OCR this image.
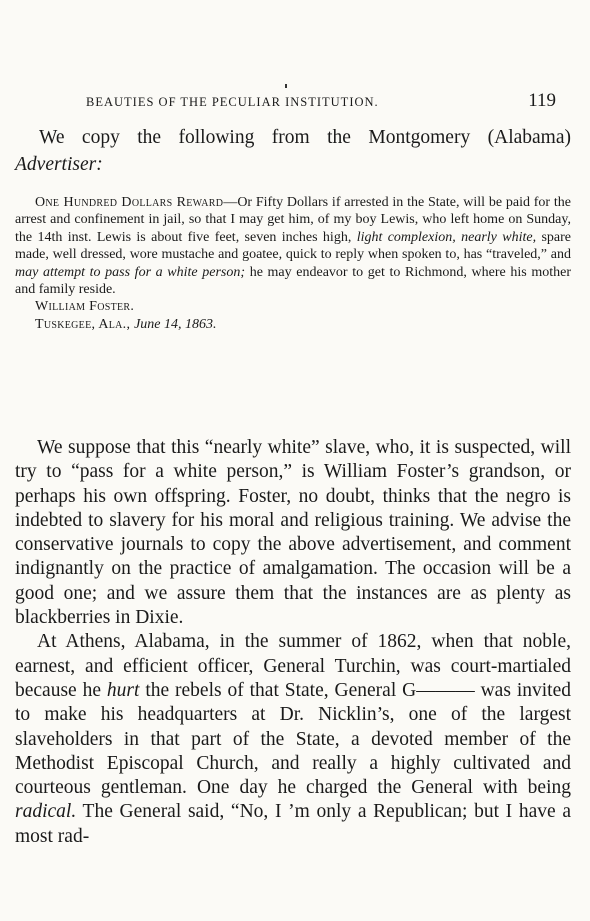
BEAUTIES OF THE PECULIAR INSTITUTION.	119

We copy the following from the Montgomery (Alabama) Advertiser:

One Hundred Dollars Reward—Or Fifty Dollars if arrested in the State, will be paid for the arrest and confinement in jail, so that I may get him, of my boy Lewis, who left home on Sunday, the 14th inst. Lewis is about five feet, seven inches high, light complexion, nearly white, spare made, well dressed, wore mustache and goatee, quick to reply when spoken to, has “traveled,” and may attempt to pass for a white person; he may endeavor to get to Richmond, where his mother and family reside.

William Foster.

Tuskegee, Ala., June 14, 1863.

We suppose that this “nearly white” slave, who, it is suspected, will try to “pass for a white person,” is William Foster’s grandson, or perhaps his own offspring. Foster, no doubt, thinks that the negro is indebted to slavery for his moral and religious training. We advise the conservative journals to copy the above advertisement, and comment indignantly on the practice of amalgamation. The occasion will be a good one; and we assure them that the instances are as plenty as blackberries in Dixie.

At Athens, Alabama, in the summer of 1862, when that noble, earnest, and efficient officer, General Turchin, was court-martialed because he hurt the rebels of that State, General G——— was invited to make his headquarters at Dr. Nicklin’s, one of the largest slaveholders in that part of the State, a devoted member of the Methodist Episcopal Church, and really a highly cultivated and courteous gentleman. One day he charged the General with being radical. The General said, “No, I ’m only a Republican; but I have a most rad-
